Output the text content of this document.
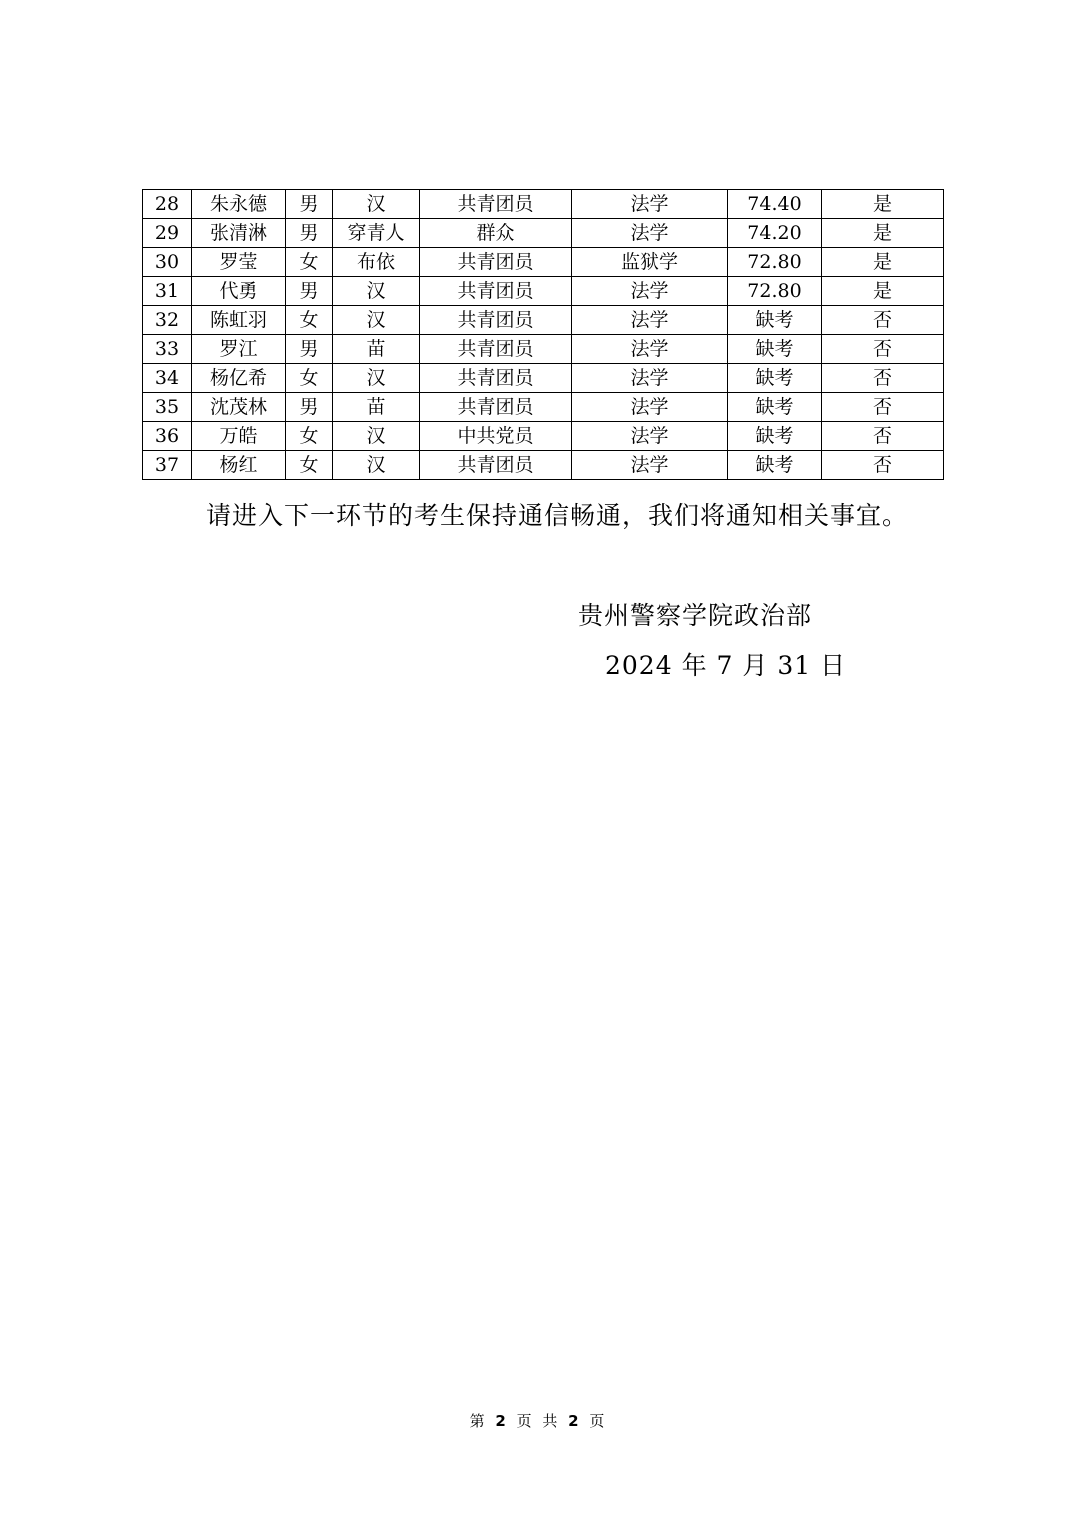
28	朱永德	男	汉	共青团员	法学	74.40	是
29	张清淋	男	穿青人	群众	法学	74.20	是
30	罗莹	女	布依	共青团员	监狱学	72.80	是
31	代勇	男	汉	共青团员	法学	72.80	是
32	陈虹羽	女	汉	共青团员	法学	缺考	否
33	罗江	男	苗	共青团员	法学	缺考	否
34	杨亿希	女	汉	共青团员	法学	缺考	否
35	沈茂林	男	苗	共青团员	法学	缺考	否
36	万皓	女	汉	中共党员	法学	缺考	否
37	杨红	女	汉	共青团员	法学	缺考	否
请进入下一环节的考生保持通信畅通，我们将通知相关事宜。
贵州警察学院政治部
2024 年 7 月 31 日
第 2 页 共 2 页
